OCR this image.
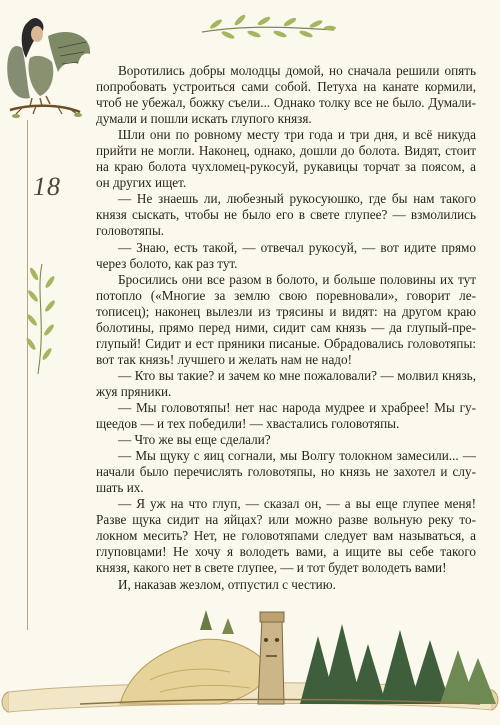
18

Воротились добры молодцы домой, но сначала решили опять попробовать устроиться сами собой. Петуха на канате кормили, чтоб не убежал, божку съели... Однако толку все не было. Думали-думали и пошли искать глупого князя.

Шли они по ровному месту три года и три дня, и всё никуда прийти не могли. Наконец, однако, дошли до болота. Видят, стоит на краю болота чухломец-рукосуй, рукавицы торчат за поясом, а он других ищет.

— Не знаешь ли, любезный рукосуюшко, где бы нам такого князя сыскать, чтобы не было его в свете глупее? — взмолились головотяпы.

— Знаю, есть такой, — отвечал рукосуй, — вот идите прямо через болото, как раз тут.

Бросились они все разом в болото, и больше половины их тут потопло («Многие за землю свою поревновали», говорит летописец); наконец вылезли из трясины и видят: на другом краю болотины, прямо перед ними, сидит сам князь — да глупый-преглупый! Сидит и ест пряники писаные. Обрадовались головотяпы: вот так князь! лучшего и желать нам не надо!

— Кто вы такие? и зачем ко мне пожаловали? — молвил князь, жуя пряники.

— Мы головотяпы! нет нас народа мудрее и храбрее! Мы гущеедов — и тех победили! — хвастались головотяпы.

— Что же вы еще сделали?

— Мы щуку с яиц согнали, мы Волгу толокном замесили... — начали было перечислять головотяпы, но князь не захотел и слушать их.

— Я уж на что глуп, — сказал он, — а вы еще глупее меня! Разве щука сидит на яйцах? или можно разве вольную реку толокном месить? Нет, не головотяпами следует вам называться, а глуповцами! Не хочу я володеть вами, а ищите вы себе такого князя, какого нет в свете глупее, — и тот будет володеть вами!

И, наказав жезлом, отпустил с честию.
